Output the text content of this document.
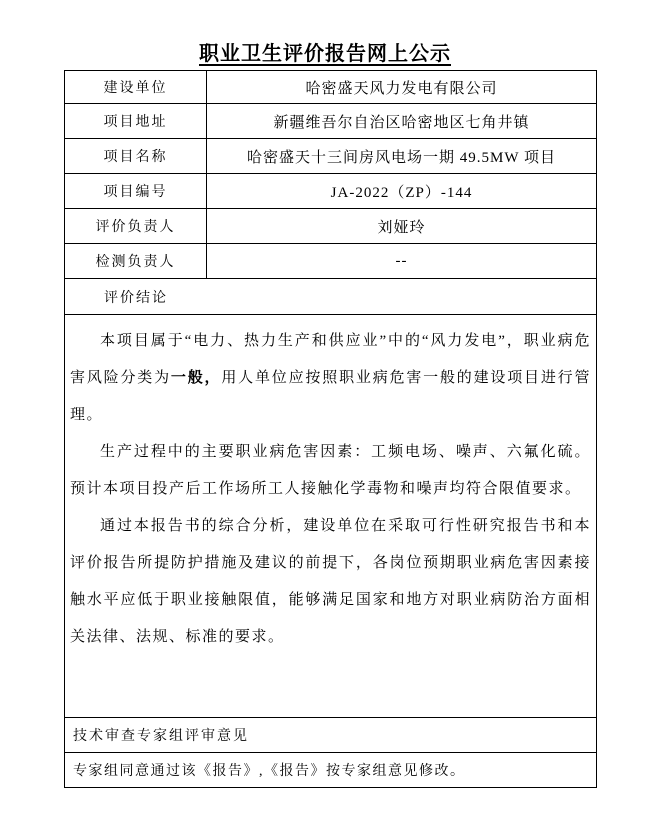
职业卫生评价报告网上公示
建设单位	哈密盛天风力发电有限公司
项目地址	新疆维吾尔自治区哈密地区七角井镇
项目名称	哈密盛天十三间房风电场一期 49.5MW 项目
项目编号	JA-2022（ZP）-144
评价负责人	刘娅玲
检测负责人	--
评价结论

本项目属于“电力、热力生产和供应业”中的“风力发电”，职业病危害风险分类为一般，用人单位应按照职业病危害一般的建设项目进行管理。

生产过程中的主要职业病危害因素：工频电场、噪声、六氟化硫。预计本项目投产后工作场所工人接触化学毒物和噪声均符合限值要求。

通过本报告书的综合分析，建设单位在采取可行性研究报告书和本评价报告所提防护措施及建议的前提下，各岗位预期职业病危害因素接触水平应低于职业接触限值，能够满足国家和地方对职业病防治方面相关法律、法规、标准的要求。

技术审查专家组评审意见
专家组同意通过该《报告》,《报告》按专家组意见修改。
